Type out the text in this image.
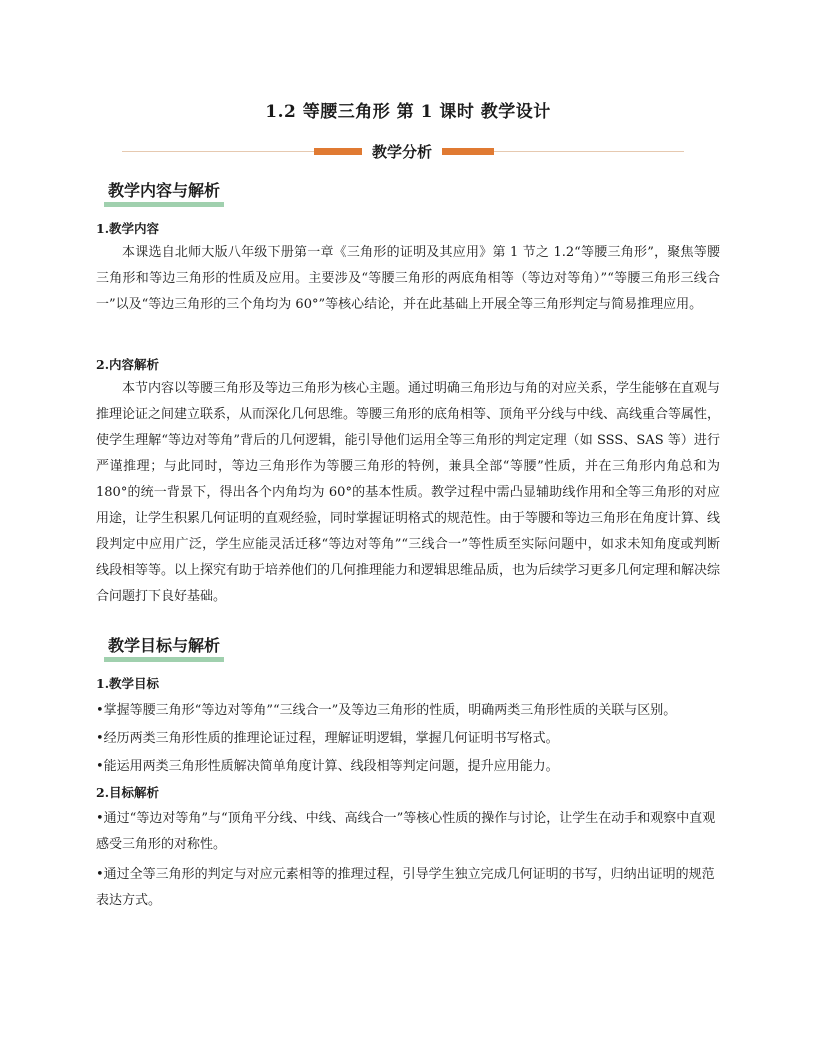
1.2 等腰三角形 第 1 课时 教学设计
教学分析
教学内容与解析
1.教学内容
本课选自北师大版八年级下册第一章《三角形的证明及其应用》第 1 节之 1.2“等腰三角形”，聚焦等腰三角形和等边三角形的性质及应用。主要涉及“等腰三角形的两底角相等（等边对等角）”“等腰三角形三线合一”以及“等边三角形的三个角均为 60°”等核心结论，并在此基础上开展全等三角形判定与简易推理应用。
2.内容解析
本节内容以等腰三角形及等边三角形为核心主题。通过明确三角形边与角的对应关系，学生能够在直观与推理论证之间建立联系，从而深化几何思维。等腰三角形的底角相等、顶角平分线与中线、高线重合等属性，使学生理解“等边对等角”背后的几何逻辑，能引导他们运用全等三角形的判定定理（如 SSS、SAS 等）进行严谨推理；与此同时，等边三角形作为等腰三角形的特例，兼具全部“等腰”性质，并在三角形内角总和为 180°的统一背景下，得出各个内角均为 60°的基本性质。教学过程中需凸显辅助线作用和全等三角形的对应用途，让学生积累几何证明的直观经验，同时掌握证明格式的规范性。由于等腰和等边三角形在角度计算、线段判定中应用广泛，学生应能灵活迁移“等边对等角”“三线合一”等性质至实际问题中，如求未知角度或判断线段相等等。以上探究有助于培养他们的几何推理能力和逻辑思维品质，也为后续学习更多几何定理和解决综合问题打下良好基础。
教学目标与解析
1.教学目标
•掌握等腰三角形“等边对等角”“三线合一”及等边三角形的性质，明确两类三角形性质的关联与区别。
•经历两类三角形性质的推理论证过程，理解证明逻辑，掌握几何证明书写格式。
•能运用两类三角形性质解决简单角度计算、线段相等判定问题，提升应用能力。
2.目标解析
•通过“等边对等角”与“顶角平分线、中线、高线合一”等核心性质的操作与讨论，让学生在动手和观察中直观感受三角形的对称性。
•通过全等三角形的判定与对应元素相等的推理过程，引导学生独立完成几何证明的书写，归纳出证明的规范表达方式。
